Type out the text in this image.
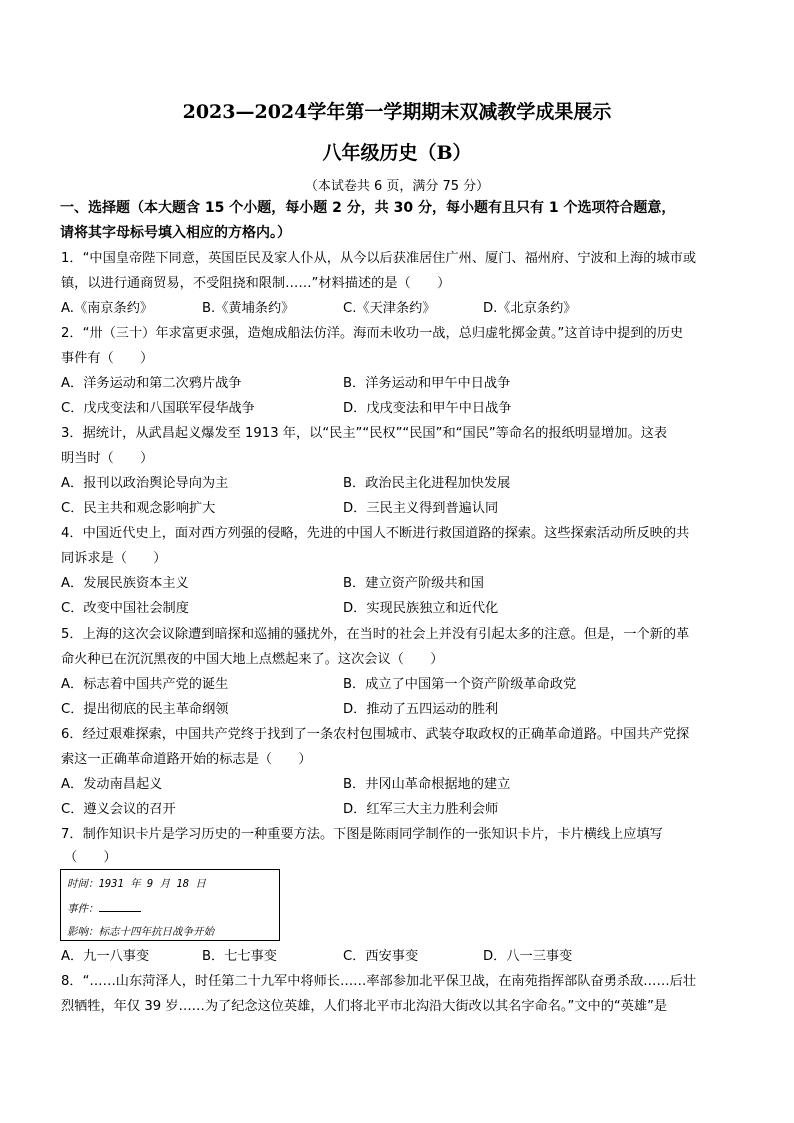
2023—2024学年第一学期期末双减教学成果展示
八年级历史（B）
（本试卷共 6 页，满分 75 分）
一、选择题（本大题含 15 个小题，每小题 2 分，共 30 分，每小题有且只有 1 个选项符合题意，
请将其字母标号填入相应的方格内。）
1．“中国皇帝陛下同意，英国臣民及家人仆从，从今以后获准居住广州、厦门、福州府、宁波和上海的城市或
镇，以进行通商贸易，不受阻挠和限制……”材料描述的是（　　）
A.《南京条约》	B.《黄埔条约》	C.《天津条约》	D.《北京条约》
2．“卅（三十）年求富更求强，造炮成船法仿洋。海而未收功一战，总归虚牝掷金黄。”这首诗中提到的历史
事件有（　　）
A．洋务运动和第二次鸦片战争	B．洋务运动和甲午中日战争
C．戊戌变法和八国联军侵华战争	D．戊戌变法和甲午中日战争
3．据统计，从武昌起义爆发至 1913 年，以“民主”“民权”“民国”和“国民”等命名的报纸明显增加。这表
明当时（　　）
A．报刊以政治舆论导向为主	B．政治民主化进程加快发展
C．民主共和观念影响扩大	D．三民主义得到普遍认同
4．中国近代史上，面对西方列强的侵略，先进的中国人不断进行救国道路的探索。这些探索活动所反映的共
同诉求是（　　）
A．发展民族资本主义	B．建立资产阶级共和国
C．改变中国社会制度	D．实现民族独立和近代化
5．上海的这次会议除遭到暗探和巡捕的骚扰外，在当时的社会上并没有引起太多的注意。但是，一个新的革
命火种已在沉沉黑夜的中国大地上点燃起来了。这次会议（　　）
A．标志着中国共产党的诞生	B．成立了中国第一个资产阶级革命政党
C．提出彻底的民主革命纲领	D．推动了五四运动的胜利
6．经过艰难探索，中国共产党终于找到了一条农村包围城市、武装夺取政权的正确革命道路。中国共产党探
索这一正确革命道路开始的标志是（　　）
A．发动南昌起义	B．井冈山革命根据地的建立
C．遵义会议的召开	D．红军三大主力胜利会师
7．制作知识卡片是学习历史的一种重要方法。下图是陈雨同学制作的一张知识卡片，卡片横线上应填写
（　　）
时间：1931 年 9 月 18 日
事件：
影响：标志十四年抗日战争开始
A．九一八事变	B．七七事变	C．西安事变	D．八一三事变
8．“……山东菏泽人，时任第二十九军中将师长……率部参加北平保卫战，在南苑指挥部队奋勇杀敌……后壮
烈牺牲，年仅 39 岁……为了纪念这位英雄，人们将北平市北沟沿大街改以其名字命名。”文中的“英雄”是
